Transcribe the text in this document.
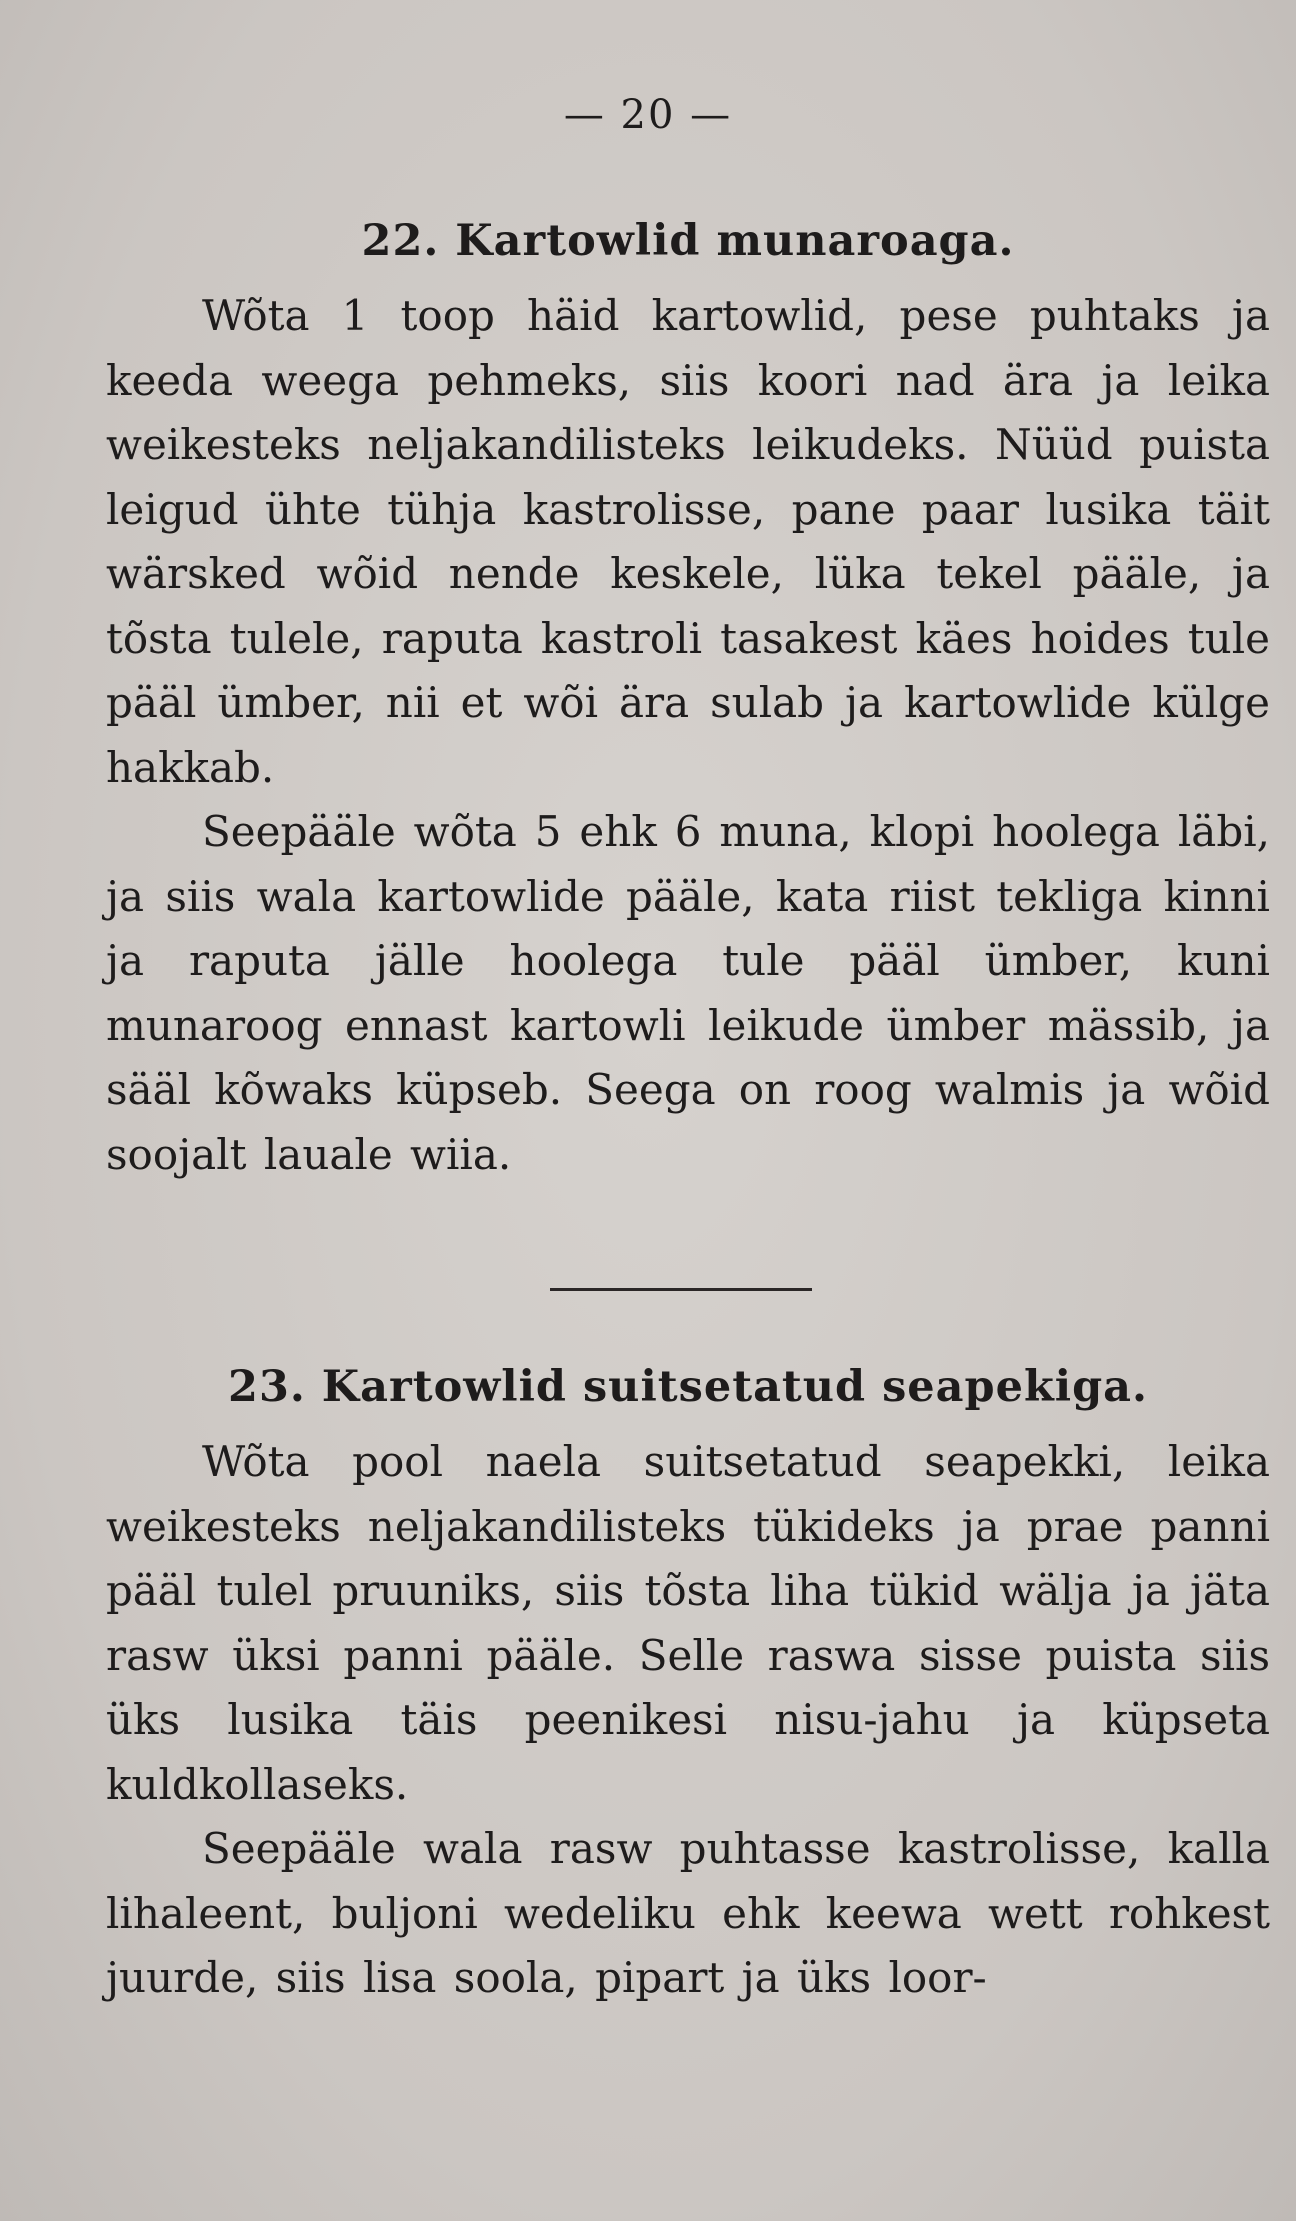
— 20 —
22. Kartowlid munaroaga.

Wõta 1 toop häid kartowlid, pese puhtaks ja keeda weega pehmeks, siis koori nad ära ja leika weikesteks neljakandilisteks leikudeks. Nüüd puista leigud ühte tühja kastrolisse, pane paar lusika täit wärsked wõid nende keskele, lüka tekel pääle, ja tõsta tulele, raputa kastroli tasakest käes hoides tule pääl ümber, nii et wõi ära sulab ja kartowlide külge hakkab.

Seepääle wõta 5 ehk 6 muna, klopi hoolega läbi, ja siis wala kartowlide pääle, kata riist tekliga kinni ja raputa jälle hoolega tule pääl ümber, kuni munaroog ennast kartowli leikude ümber mässib, ja sääl kõwaks küpseb. Seega on roog walmis ja wõid soojalt lauale wiia.

23. Kartowlid suitsetatud seapekiga.

Wõta pool naela suitsetatud seapekki, leika weikesteks neljakandilisteks tükideks ja prae panni pääl tulel pruuniks, siis tõsta liha tükid wälja ja jäta rasw üksi panni pääle. Selle raswa sisse puista siis üks lusika täis peenikesi nisu-jahu ja küpseta kuldkollaseks.

Seepääle wala rasw puhtasse kastrolisse, kalla lihaleent, buljoni wedeliku ehk keewa wett rohkest juurde, siis lisa soola, pipart ja üks loor-
